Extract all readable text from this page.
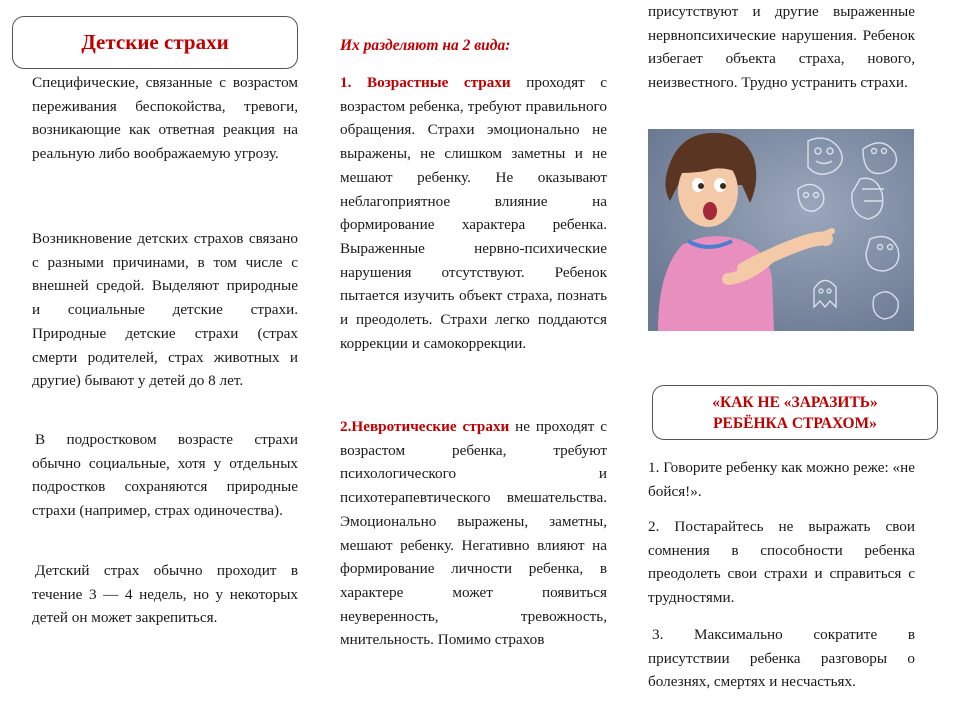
Детские страхи

Специфические, связанные с возрастом переживания беспокойства, тревоги, возникающие как ответная реакция на реальную либо воображаемую угрозу.

Возникновение детских страхов связано с разными причинами, в том числе с внешней средой. Выделяют природные и социальные детские страхи. Природные детские страхи (страх смерти родителей, страх животных и другие) бывают у детей до 8 лет.

В подростковом возрасте страхи обычно социальные, хотя у отдельных подростков сохраняются природные страхи (например, страх одиночества).

Детский страх обычно проходит в течение 3 — 4 недель, но у некоторых детей он может закрепиться.

Их разделяют на 2 вида:

1. Возрастные страхи проходят с возрастом ребенка, требуют правильного обращения. Страхи эмоционально не выражены, не слишком заметны и не мешают ребенку. Не оказывают неблагоприятное влияние на формирование характера ребенка. Выраженные нервно-психические нарушения отсутствуют. Ребенок пытается изучить объект страха, познать и преодолеть. Страхи легко поддаются коррекции и самокоррекции.

2.Невротические страхи не проходят с возрастом ребенка, требуют психологического и психотерапевтического вмешательства. Эмоционально выражены, заметны, мешают ребенку. Негативно влияют на формирование личности ребенка, в характере может появиться неуверенность, тревожность, мнительность. Помимо страхов

присутствуют и другие выраженные нервнопсихические нарушения. Ребенок избегает объекта страха, нового, неизвестного. Трудно устранить страхи.

«КАК НЕ «ЗАРАЗИТЬ»
РЕБЁНКА СТРАХОМ»

1. Говорите ребенку как можно реже: «не бойся!».

2. Постарайтесь не выражать свои сомнения в способности ребенка преодолеть свои страхи и справиться с трудностями.

3. Максимально сократите в присутствии ребенка разговоры о болезнях, смертях и несчастьях.
